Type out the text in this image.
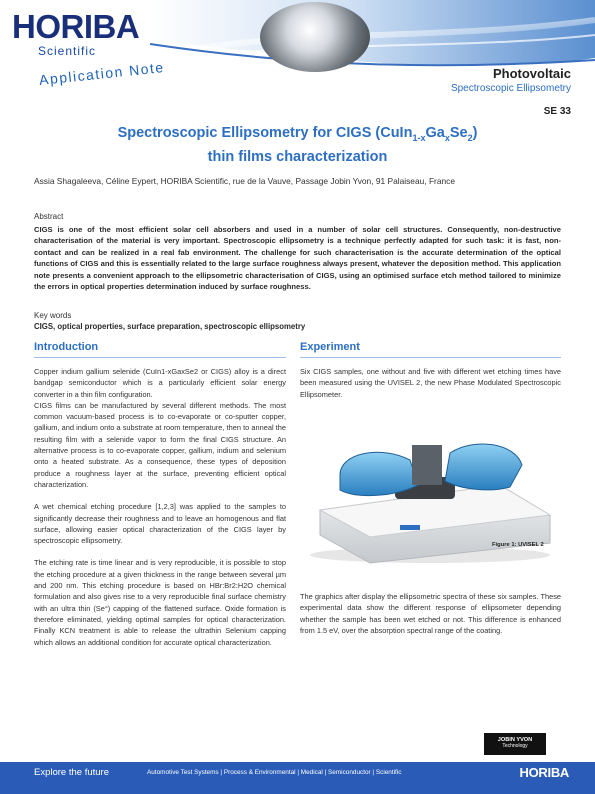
HORIBA
Scientific
Application Note	Photovoltaic
Spectroscopic Ellipsometry
SE 33
Spectroscopic Ellipsometry for CIGS $(CuIn_{1-x}Ga_xSe_2)$
thin films characterization
Assia Shagaleeva, Céline Eypert, HORIBA Scientific, rue de la Vauve, Passage Jobin Yvon, 91 Palaiseau, France
Abstract
CIGS is one of the most efficient solar cell absorbers and used in a number of solar cell structures. Consequently, non-destructive characterisation of the material is very important. Spectroscopic ellipsometry is a technique perfectly adapted for such task: it is fast, non-contact and can be realized in a real fab environment. The challenge for such characterisation is the accurate determination of the optical functions of CIGS and this is essentially related to the large surface roughness always present, whatever the deposition method. This application note presents a convenient approach to the ellipsometric characterisation of CIGS, using an optimised surface etch method tailored to minimize the errors in optical properties determination induced by surface roughness.
Key words
CIGS, optical properties, surface preparation, spectroscopic ellipsometry
Introduction

Copper indium gallium selenide (CuIn1-xGaxSe2 or CIGS) alloy is a direct bandgap semiconductor which is a particularly efficient solar energy converter in a thin film configuration.

CIGS films can be manufactured by several different methods. The most common vacuum-based process is to co-evaporate or co-sputter copper, gallium, and indium onto a substrate at room temperature, then to anneal the resulting film with a selenide vapor to form the final CIGS structure. An alternative process is to co-evaporate copper, gallium, indium and selenium onto a heated substrate. As a consequence, these types of deposition produce a roughness layer at the surface, preventing efficient optical characterization.

A wet chemical etching procedure [1,2,3] was applied to the samples to significantly decrease their roughness and to leave an homogenous and flat surface, allowing easier optical characterization of the CIGS layer by spectroscopic ellipsometry.

The etching rate is time linear and is very reproducible, it is possible to stop the etching procedure at a given thickness in the range between several µm and 200 nm. This etching procedure is based on HBr:Br2:H2O chemical formulation and also gives rise to a very reproducible final surface chemistry with an ultra thin (Se°) capping of the flattened surface. Oxide formation is therefore eliminated, yielding optimal samples for optical characterization. Finally KCN treatment is able to release the ultrathin Selenium capping which allows an additional condition for accurate optical characterization.

Experiment
Six CIGS samples, one without and five with different wet etching times have been measured using the UVISEL 2, the new Phase Modulated Spectroscopic Ellipsometer.
Figure 1: UVISEL 2
The graphics after display the ellipsometric spectra of these six samples. These experimental data show the different response of ellipsometer depending whether the sample has been wet etched or not. This difference is enhanced from 1.5 eV, over the absorption spectral range of the coating.
JOBIN YVON
Technology
Explore the future	Automotive Test Systems | Process & Environmental | Medical | Semiconductor | Scientific	HORIBA
